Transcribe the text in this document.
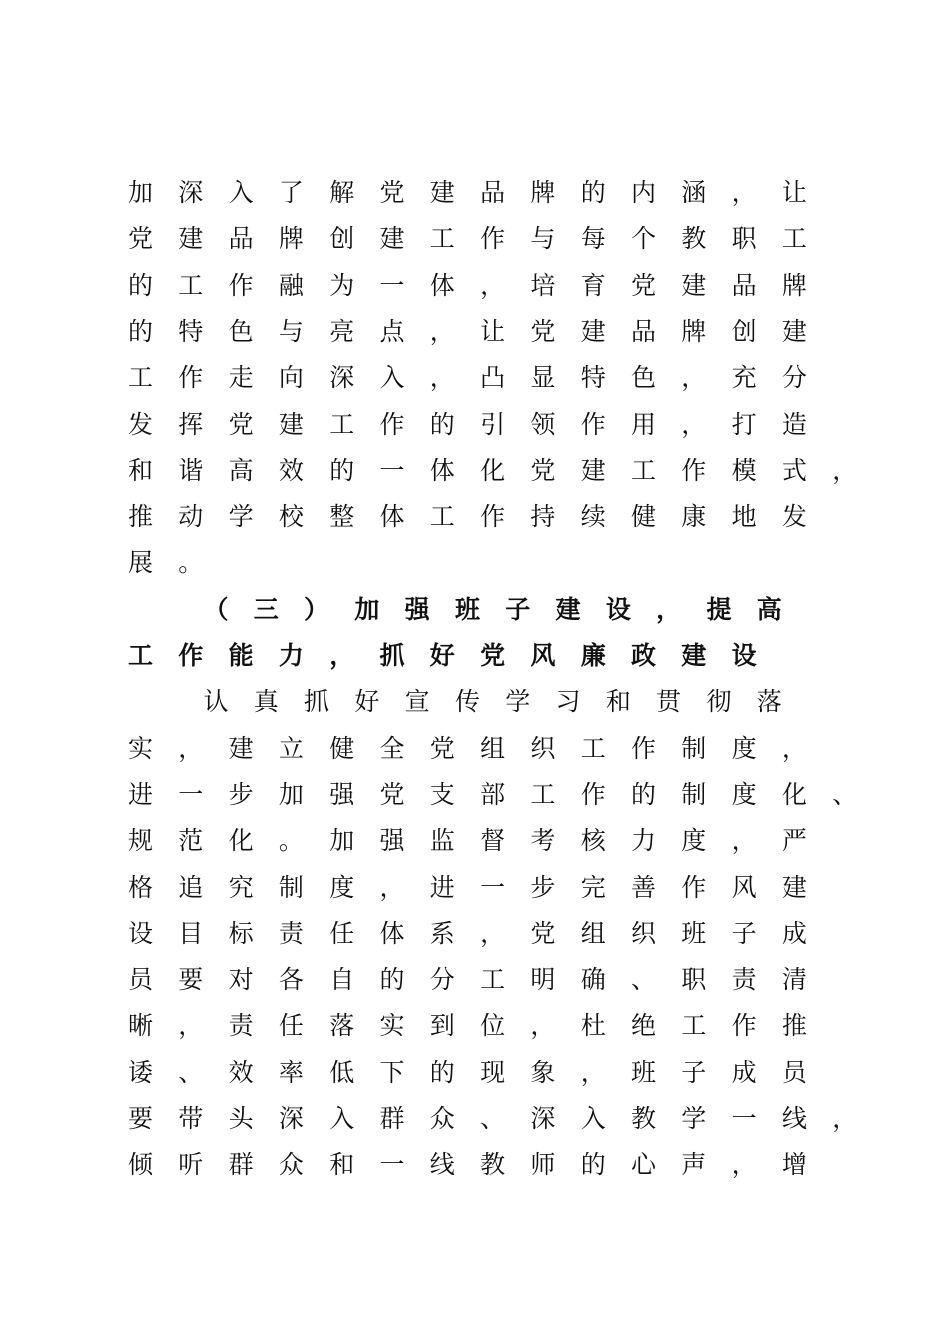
加	深	入	了	解	党	建	品	牌	的	内	涵	，	让
党	建	品	牌	创	建	工	作	与	每	个	教	职	工
的	工	作	融	为	一	体	，	培	育	党	建	品	牌
的	特	色	与	亮	点	，	让	党	建	品	牌	创	建
工	作	走	向	深	入	，	凸	显	特	色	，	充	分
发	挥	党	建	工	作	的	引	领	作	用	，	打	造
和	谐	高	效	的	一	体	化	党	建	工	作	模	式	，
推	动	学	校	整	体	工	作	持	续	健	康	地	发
展	。
（	三	）	加	强	班	子	建	设	，	提	高
工	作	能	力	，	抓	好	党	风	廉	政	建	设
认	真	抓	好	宣	传	学	习	和	贯	彻	落
实	，	建	立	健	全	党	组	织	工	作	制	度	，
进	一	步	加	强	党	支	部	工	作	的	制	度	化	、
规	范	化	。	加	强	监	督	考	核	力	度	，	严
格	追	究	制	度	，	进	一	步	完	善	作	风	建
设	目	标	责	任	体	系	，	党	组	织	班	子	成
员	要	对	各	自	的	分	工	明	确	、	职	责	清
晰	，	责	任	落	实	到	位	，	杜	绝	工	作	推
诿	、	效	率	低	下	的	现	象	，	班	子	成	员
要	带	头	深	入	群	众	、	深	入	教	学	一	线	，
倾	听	群	众	和	一	线	教	师	的	心	声	，	增
